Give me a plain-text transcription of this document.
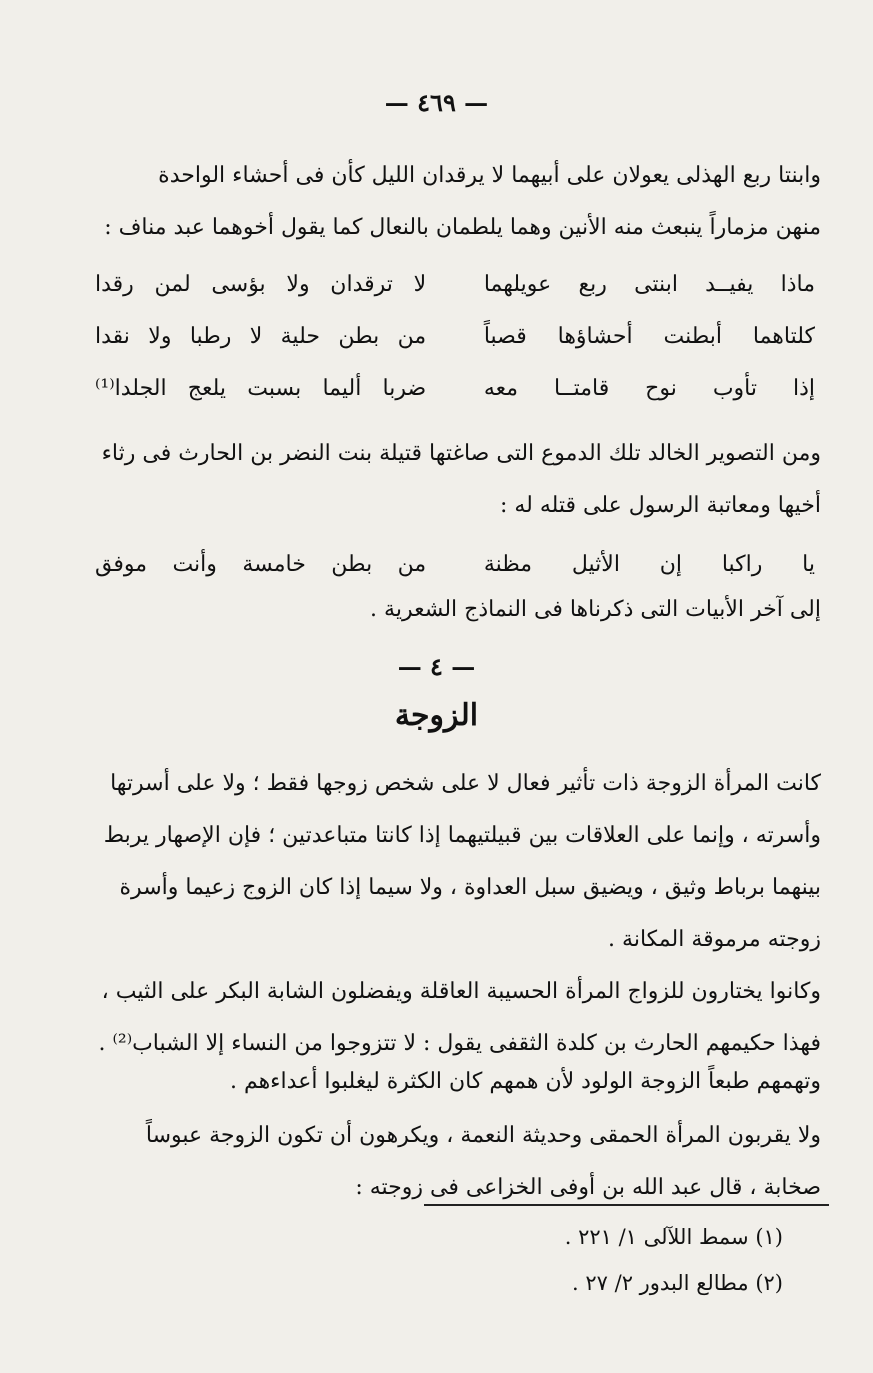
— ٤٦٩ —

وابنتا ربع الهذلى يعولان على أبيهما لا يرقدان الليل كأن فى أحشاء الواحدة
منهن مزماراً ينبعث منه الأنين وهما يلطمان بالنعال كما يقول أخوهما عبد مناف :

ماذا يفيــد ابنتى ربع عويلهما
لا ترقدان ولا بؤسى لمن رقدا
كلتاهما أبطنت أحشاؤها قصباً
من بطن حلية لا رطبا ولا نقدا
إذا تأوب نوح قامتــا معه
ضربا أليما بسبت يلعج الجلدا⁽¹⁾

ومن التصوير الخالد تلك الدموع التى صاغتها قتيلة بنت النضر بن الحارث فى رثاء
أخيها ومعاتبة الرسول على قتله له :

يا راكبا إن الأثيل مظنة
من بطن خامسة وأنت موفق

إلى آخر الأبيات التى ذكرناها فى النماذج الشعرية .

— ٤ —
الزوجة

كانت المرأة الزوجة ذات تأثير فعال لا على شخص زوجها فقط ؛ ولا على أسرتها
وأسرته ، وإنما على العلاقات بين قبيلتيهما إذا كانتا متباعدتين ؛ فإن الإصهار يربط
بينهما برباط وثيق ، ويضيق سبل العداوة ، ولا سيما إذا كان الزوج زعيما وأسرة
زوجته مرموقة المكانة .

وكانوا يختارون للزواج المرأة الحسيبة العاقلة ويفضلون الشابة البكر على الثيب ،
فهذا حكيمهم الحارث بن كلدة الثقفى يقول : لا تتزوجوا من النساء إلا الشباب⁽²⁾ .

وتهمهم طبعاً الزوجة الولود لأن همهم كان الكثرة ليغلبوا أعداءهم .

ولا يقربون المرأة الحمقى وحديثة النعمة ، ويكرهون أن تكون الزوجة عبوساً
صخابة ، قال عبد الله بن أوفى الخزاعى فى زوجته :

(١) سمط اللآلى ١/ ٢٢١ .
(٢) مطالع البدور ٢/ ٢٧ .
